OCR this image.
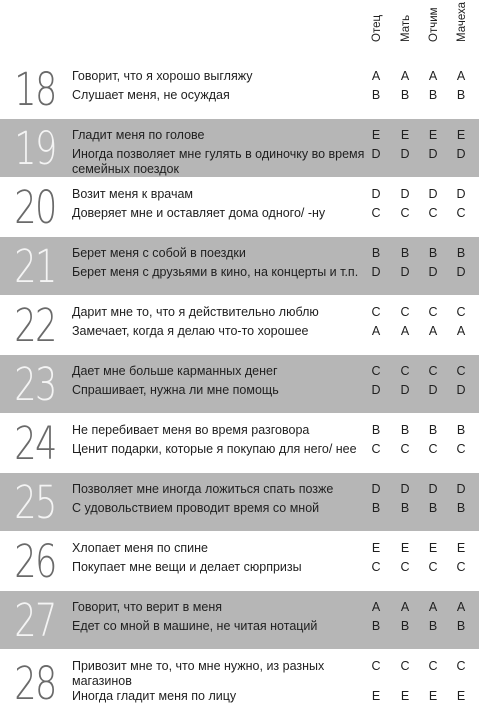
Отец Мать Отчим Мачеха
18 Говорит, что я хорошо выгляжу	A A A A
Слушает меня, не осуждая	B B B B
19 Гладит меня по голове	E E E E
Иногда позволяет мне гулять в одиночку во время семейных поездок
D D D D
20 Возит меня к врачам	D D D D
Доверяет мне и оставляет дома одного/ -ну	C C C C
21 Берет меня с собой в поездки	B B B B
Берет меня с друзьями в кино, на концерты и т.п.	D D D D
22 Дарит мне то, что я действительно люблю	C C C C
Замечает, когда я делаю что-то хорошее	A A A A
23 Дает мне больше карманных денег	C C C C
Спрашивает, нужна ли мне помощь	D D D D
24 Не перебивает меня во время разговора	B B B B
Ценит подарки, которые я покупаю для него/ нее	C C C C
25 Позволяет мне иногда ложиться спать позже	D D D D
С удовольствием проводит время со мной	B B B B
26 Хлопает меня по спине	E E E E
Покупает мне вещи и делает сюрпризы	C C C C
27 Говорит, что верит в меня	A A A A
Едет со мной в машине, не читая нотаций	B B B B
28 Привозит мне то, что мне нужно, из разных магазинов
C C C C
Иногда гладит меня по лицу	E E E E
